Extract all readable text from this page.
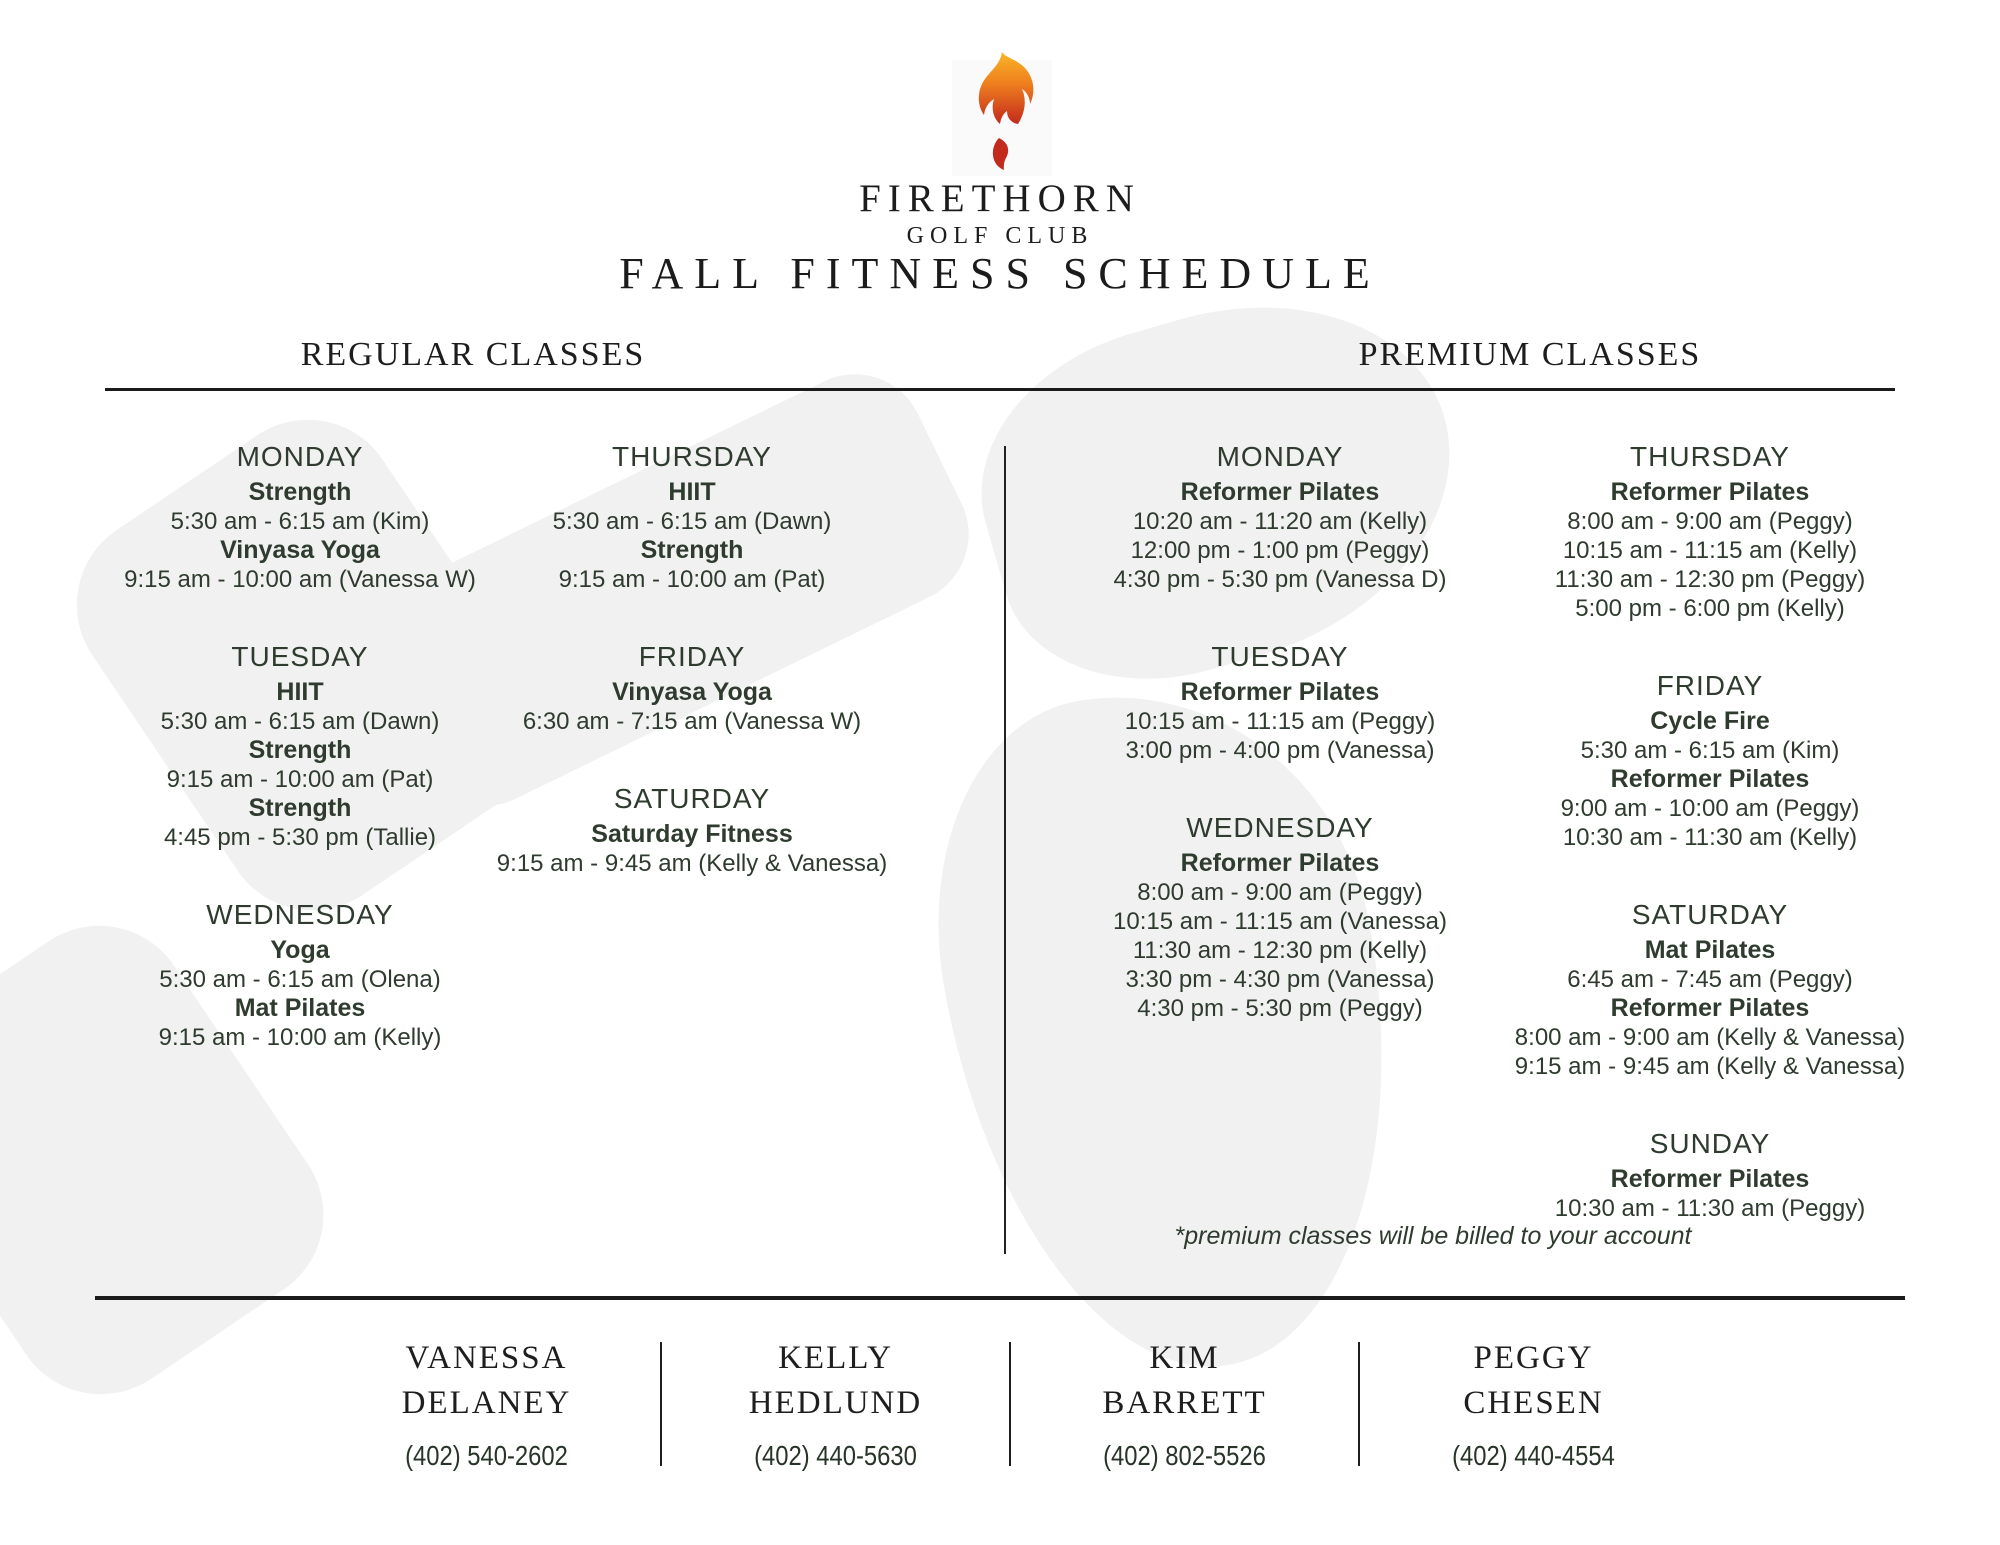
FIRETHORN
GOLF CLUB
FALL FITNESS SCHEDULE
REGULAR CLASSES	PREMIUM CLASSES
MONDAY
Strength
5:30 am - 6:15 am (Kim)
Vinyasa Yoga
9:15 am - 10:00 am (Vanessa W)
TUESDAY
HIIT
5:30 am - 6:15 am (Dawn)
Strength
9:15 am - 10:00 am (Pat)
Strength
4:45 pm - 5:30 pm (Tallie)
WEDNESDAY
Yoga
5:30 am - 6:15 am (Olena)
Mat Pilates
9:15 am - 10:00 am (Kelly)
THURSDAY
HIIT
5:30 am - 6:15 am (Dawn)
Strength
9:15 am - 10:00 am (Pat)
FRIDAY
Vinyasa Yoga
6:30 am - 7:15 am (Vanessa W)
SATURDAY
Saturday Fitness
9:15 am - 9:45 am (Kelly & Vanessa)
MONDAY
Reformer Pilates
10:20 am - 11:20 am (Kelly)
12:00 pm - 1:00 pm (Peggy)
4:30 pm - 5:30 pm (Vanessa D)
TUESDAY
Reformer Pilates
10:15 am - 11:15 am (Peggy)
3:00 pm - 4:00 pm (Vanessa)
WEDNESDAY
Reformer Pilates
8:00 am - 9:00 am (Peggy)
10:15 am - 11:15 am (Vanessa)
11:30 am - 12:30 pm (Kelly)
3:30 pm - 4:30 pm (Vanessa)
4:30 pm - 5:30 pm (Peggy)
THURSDAY
Reformer Pilates
8:00 am - 9:00 am (Peggy)
10:15 am - 11:15 am (Kelly)
11:30 am - 12:30 pm (Peggy)
5:00 pm - 6:00 pm (Kelly)
FRIDAY
Cycle Fire
5:30 am - 6:15 am (Kim)
Reformer Pilates
9:00 am - 10:00 am (Peggy)
10:30 am - 11:30 am (Kelly)
SATURDAY
Mat Pilates
6:45 am - 7:45 am (Peggy)
Reformer Pilates
8:00 am - 9:00 am (Kelly & Vanessa)
9:15 am - 9:45 am (Kelly & Vanessa)
SUNDAY
Reformer Pilates
10:30 am - 11:30 am (Peggy)
*premium classes will be billed to your account
VANESSA
DELANEY
(402) 540-2602
KELLY
HEDLUND
(402) 440-5630
KIM
BARRETT
(402) 802-5526
PEGGY
CHESEN
(402) 440-4554
